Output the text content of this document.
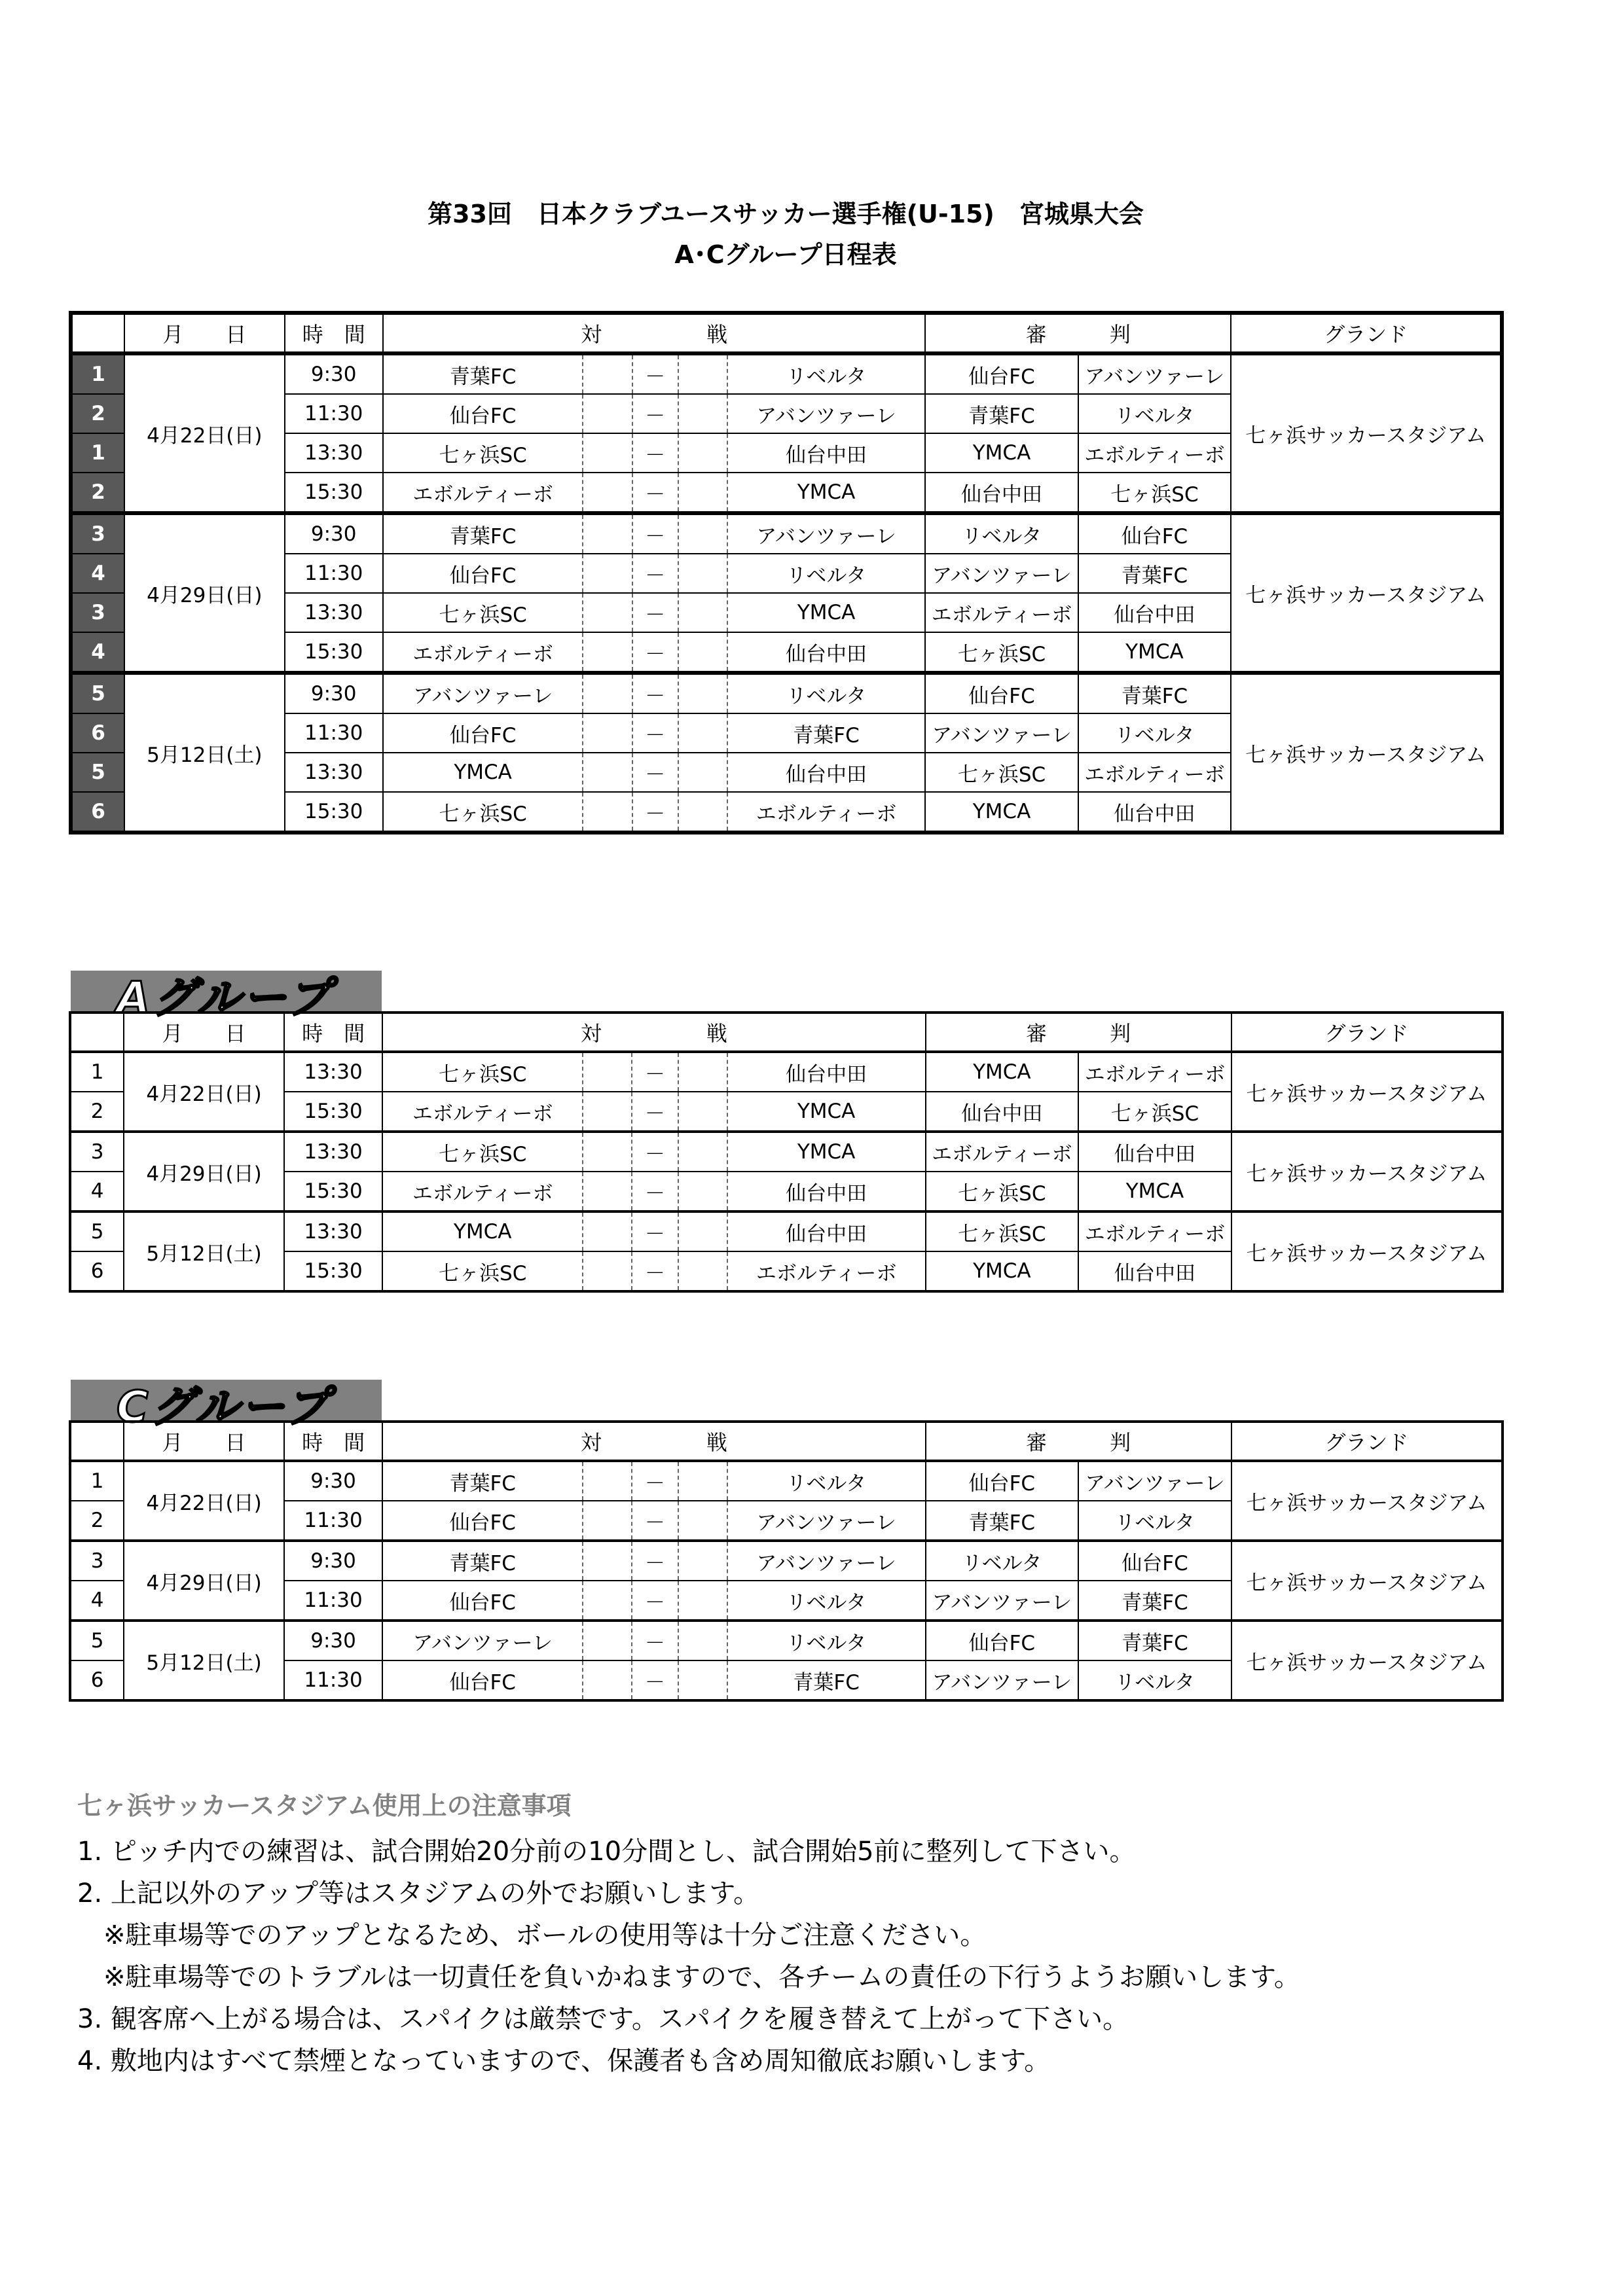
第33回　日本クラブユースサッカー選手権(U-15)　宮城県大会
A･Cグループ日程表
	月　　日	時　間	対　　　　　戦					審　　　判		グランド
1	4月22日(日)	9:30	青葉FC		－		リベルタ	仙台FC	アバンツァーレ	七ヶ浜サッカースタジアム
2		11:30	仙台FC		－		アバンツァーレ	青葉FC	リベルタ	
1		13:30	七ヶ浜SC		－		仙台中田	YMCA	エボルティーボ	
2		15:30	エボルティーボ		－		YMCA	仙台中田	七ヶ浜SC	
3	4月29日(日)	9:30	青葉FC		－		アバンツァーレ	リベルタ	仙台FC	七ヶ浜サッカースタジアム
4		11:30	仙台FC		－		リベルタ	アバンツァーレ	青葉FC	
3		13:30	七ヶ浜SC		－		YMCA	エボルティーボ	仙台中田	
4		15:30	エボルティーボ		－		仙台中田	七ヶ浜SC	YMCA	
5	5月12日(土)	9:30	アバンツァーレ		－		リベルタ	仙台FC	青葉FC	七ヶ浜サッカースタジアム
6		11:30	仙台FC		－		青葉FC	アバンツァーレ	リベルタ	
5		13:30	YMCA		－		仙台中田	七ヶ浜SC	エボルティーボ	
6		15:30	七ヶ浜SC		－		エボルティーボ	YMCA	仙台中田	
Aグループ
	月　　日	時　間	対　　　　　戦					審　　　判		グランド
1	4月22日(日)	13:30	七ヶ浜SC		－		仙台中田	YMCA	エボルティーボ	七ヶ浜サッカースタジアム
2		15:30	エボルティーボ		－		YMCA	仙台中田	七ヶ浜SC	
3	4月29日(日)	13:30	七ヶ浜SC		－		YMCA	エボルティーボ	仙台中田	七ヶ浜サッカースタジアム
4		15:30	エボルティーボ		－		仙台中田	七ヶ浜SC	YMCA	
5	5月12日(土)	13:30	YMCA		－		仙台中田	七ヶ浜SC	エボルティーボ	七ヶ浜サッカースタジアム
6		15:30	七ヶ浜SC		－		エボルティーボ	YMCA	仙台中田	
Cグループ
	月　　日	時　間	対　　　　　戦					審　　　判		グランド
1	4月22日(日)	9:30	青葉FC		－		リベルタ	仙台FC	アバンツァーレ	七ヶ浜サッカースタジアム
2		11:30	仙台FC		－		アバンツァーレ	青葉FC	リベルタ	
3	4月29日(日)	9:30	青葉FC		－		アバンツァーレ	リベルタ	仙台FC	七ヶ浜サッカースタジアム
4		11:30	仙台FC		－		リベルタ	アバンツァーレ	青葉FC	
5	5月12日(土)	9:30	アバンツァーレ		－		リベルタ	仙台FC	青葉FC	七ヶ浜サッカースタジアム
6		11:30	仙台FC		－		青葉FC	アバンツァーレ	リベルタ	
七ヶ浜サッカースタジアム使用上の注意事項
1. ピッチ内での練習は、試合開始20分前の10分間とし、試合開始5前に整列して下さい。
2. 上記以外のアップ等はスタジアムの外でお願いします。
　※駐車場等でのアップとなるため、ボールの使用等は十分ご注意ください。
　※駐車場等でのトラブルは一切責任を負いかねますので、各チームの責任の下行うようお願いします。
3. 観客席へ上がる場合は、スパイクは厳禁です。スパイクを履き替えて上がって下さい。
4. 敷地内はすべて禁煙となっていますので、保護者も含め周知徹底お願いします。
